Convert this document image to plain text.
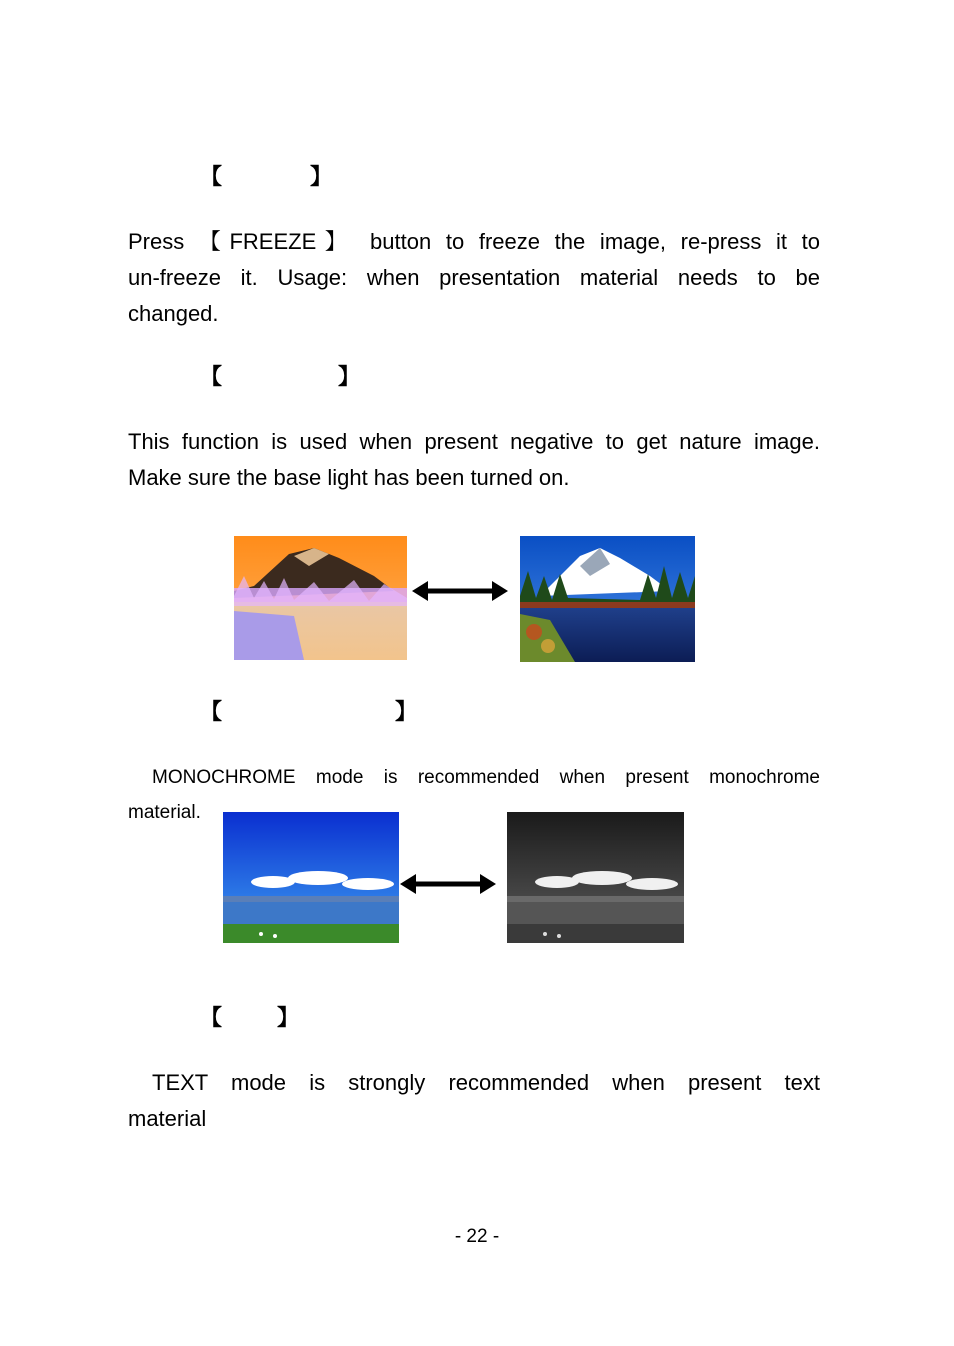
【	】
Press 【FREEZE】 button to freeze the image, re-press it to
un-freeze it. Usage: when presentation material needs to be
changed.
【	】
This function is used when present negative to get nature image.
Make sure the base light has been turned on.
【	】
MONOCHROME mode is recommended when present monochrome
material.
【 】
TEXT mode is strongly recommended when present text
material
- 22 -
